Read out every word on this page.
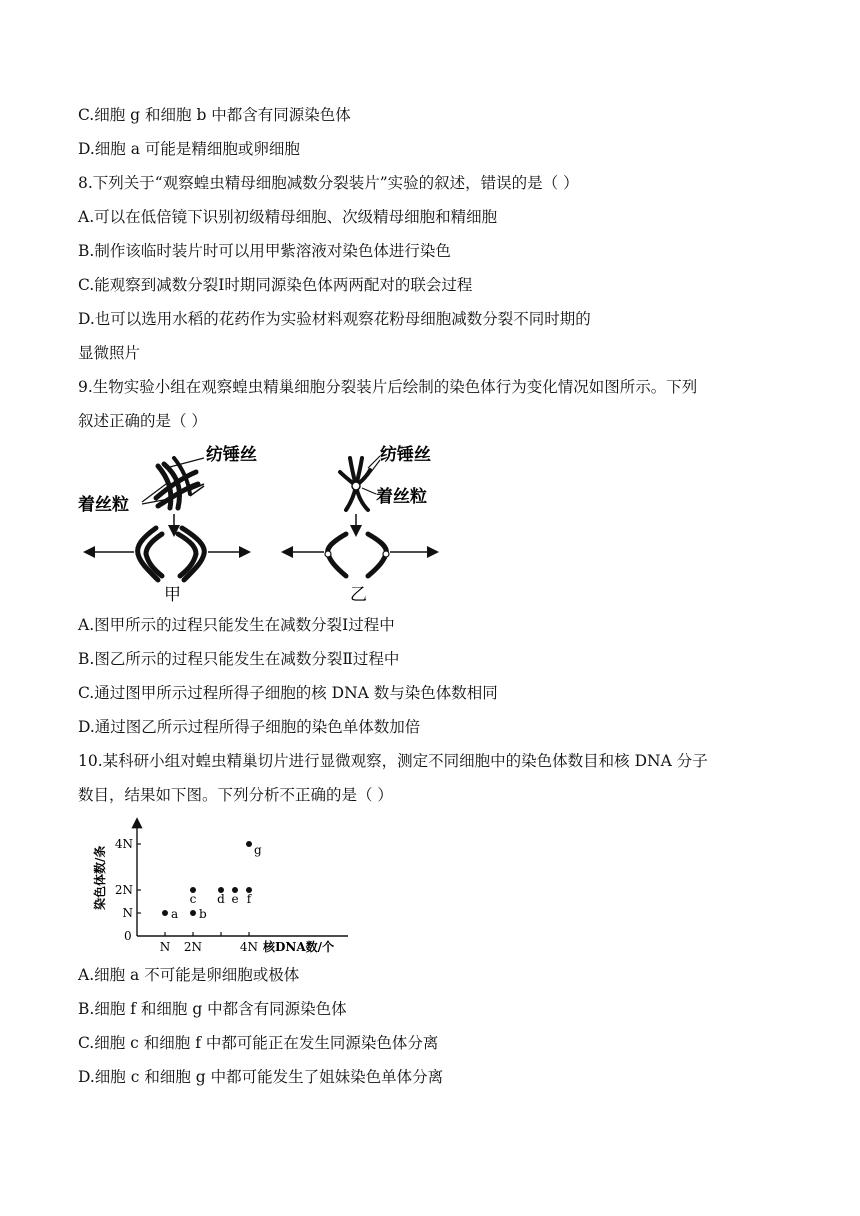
C.细胞 g 和细胞 b 中都含有同源染色体
D.细胞 a 可能是精细胞或卵细胞
8.下列关于“观察蝗虫精母细胞减数分裂装片”实验的叙述，错误的是（ ）
A.可以在低倍镜下识别初级精母细胞、次级精母细胞和精细胞
B.制作该临时装片时可以用甲紫溶液对染色体进行染色
C.能观察到减数分裂Ⅰ时期同源染色体两两配对的联会过程
D.也可以选用水稻的花药作为实验材料观察花粉母细胞减数分裂不同时期的
显微照片
9.生物实验小组在观察蝗虫精巢细胞分裂装片后绘制的染色体行为变化情况如图所示。下列
叙述正确的是（ ）
纺锤丝
着丝粒
甲
纺锤丝
着丝粒
乙
A.图甲所示的过程只能发生在减数分裂Ⅰ过程中
B.图乙所示的过程只能发生在减数分裂Ⅱ过程中
C.通过图甲所示过程所得子细胞的核 DNA 数与染色体数相同
D.通过图乙所示过程所得子细胞的染色单体数加倍
10.某科研小组对蝗虫精巢切片进行显微观察，测定不同细胞中的染色体数目和核 DNA 分子
数目，结果如下图。下列分析不正确的是（ ）
染色体数/条
0
N
2N
4N
N 2N	4N 核DNA数/个
a b
c d e f
g
A.细胞 a 不可能是卵细胞或极体
B.细胞 f 和细胞 g 中都含有同源染色体
C.细胞 c 和细胞 f 中都可能正在发生同源染色体分离
D.细胞 c 和细胞 g 中都可能发生了姐妹染色单体分离
